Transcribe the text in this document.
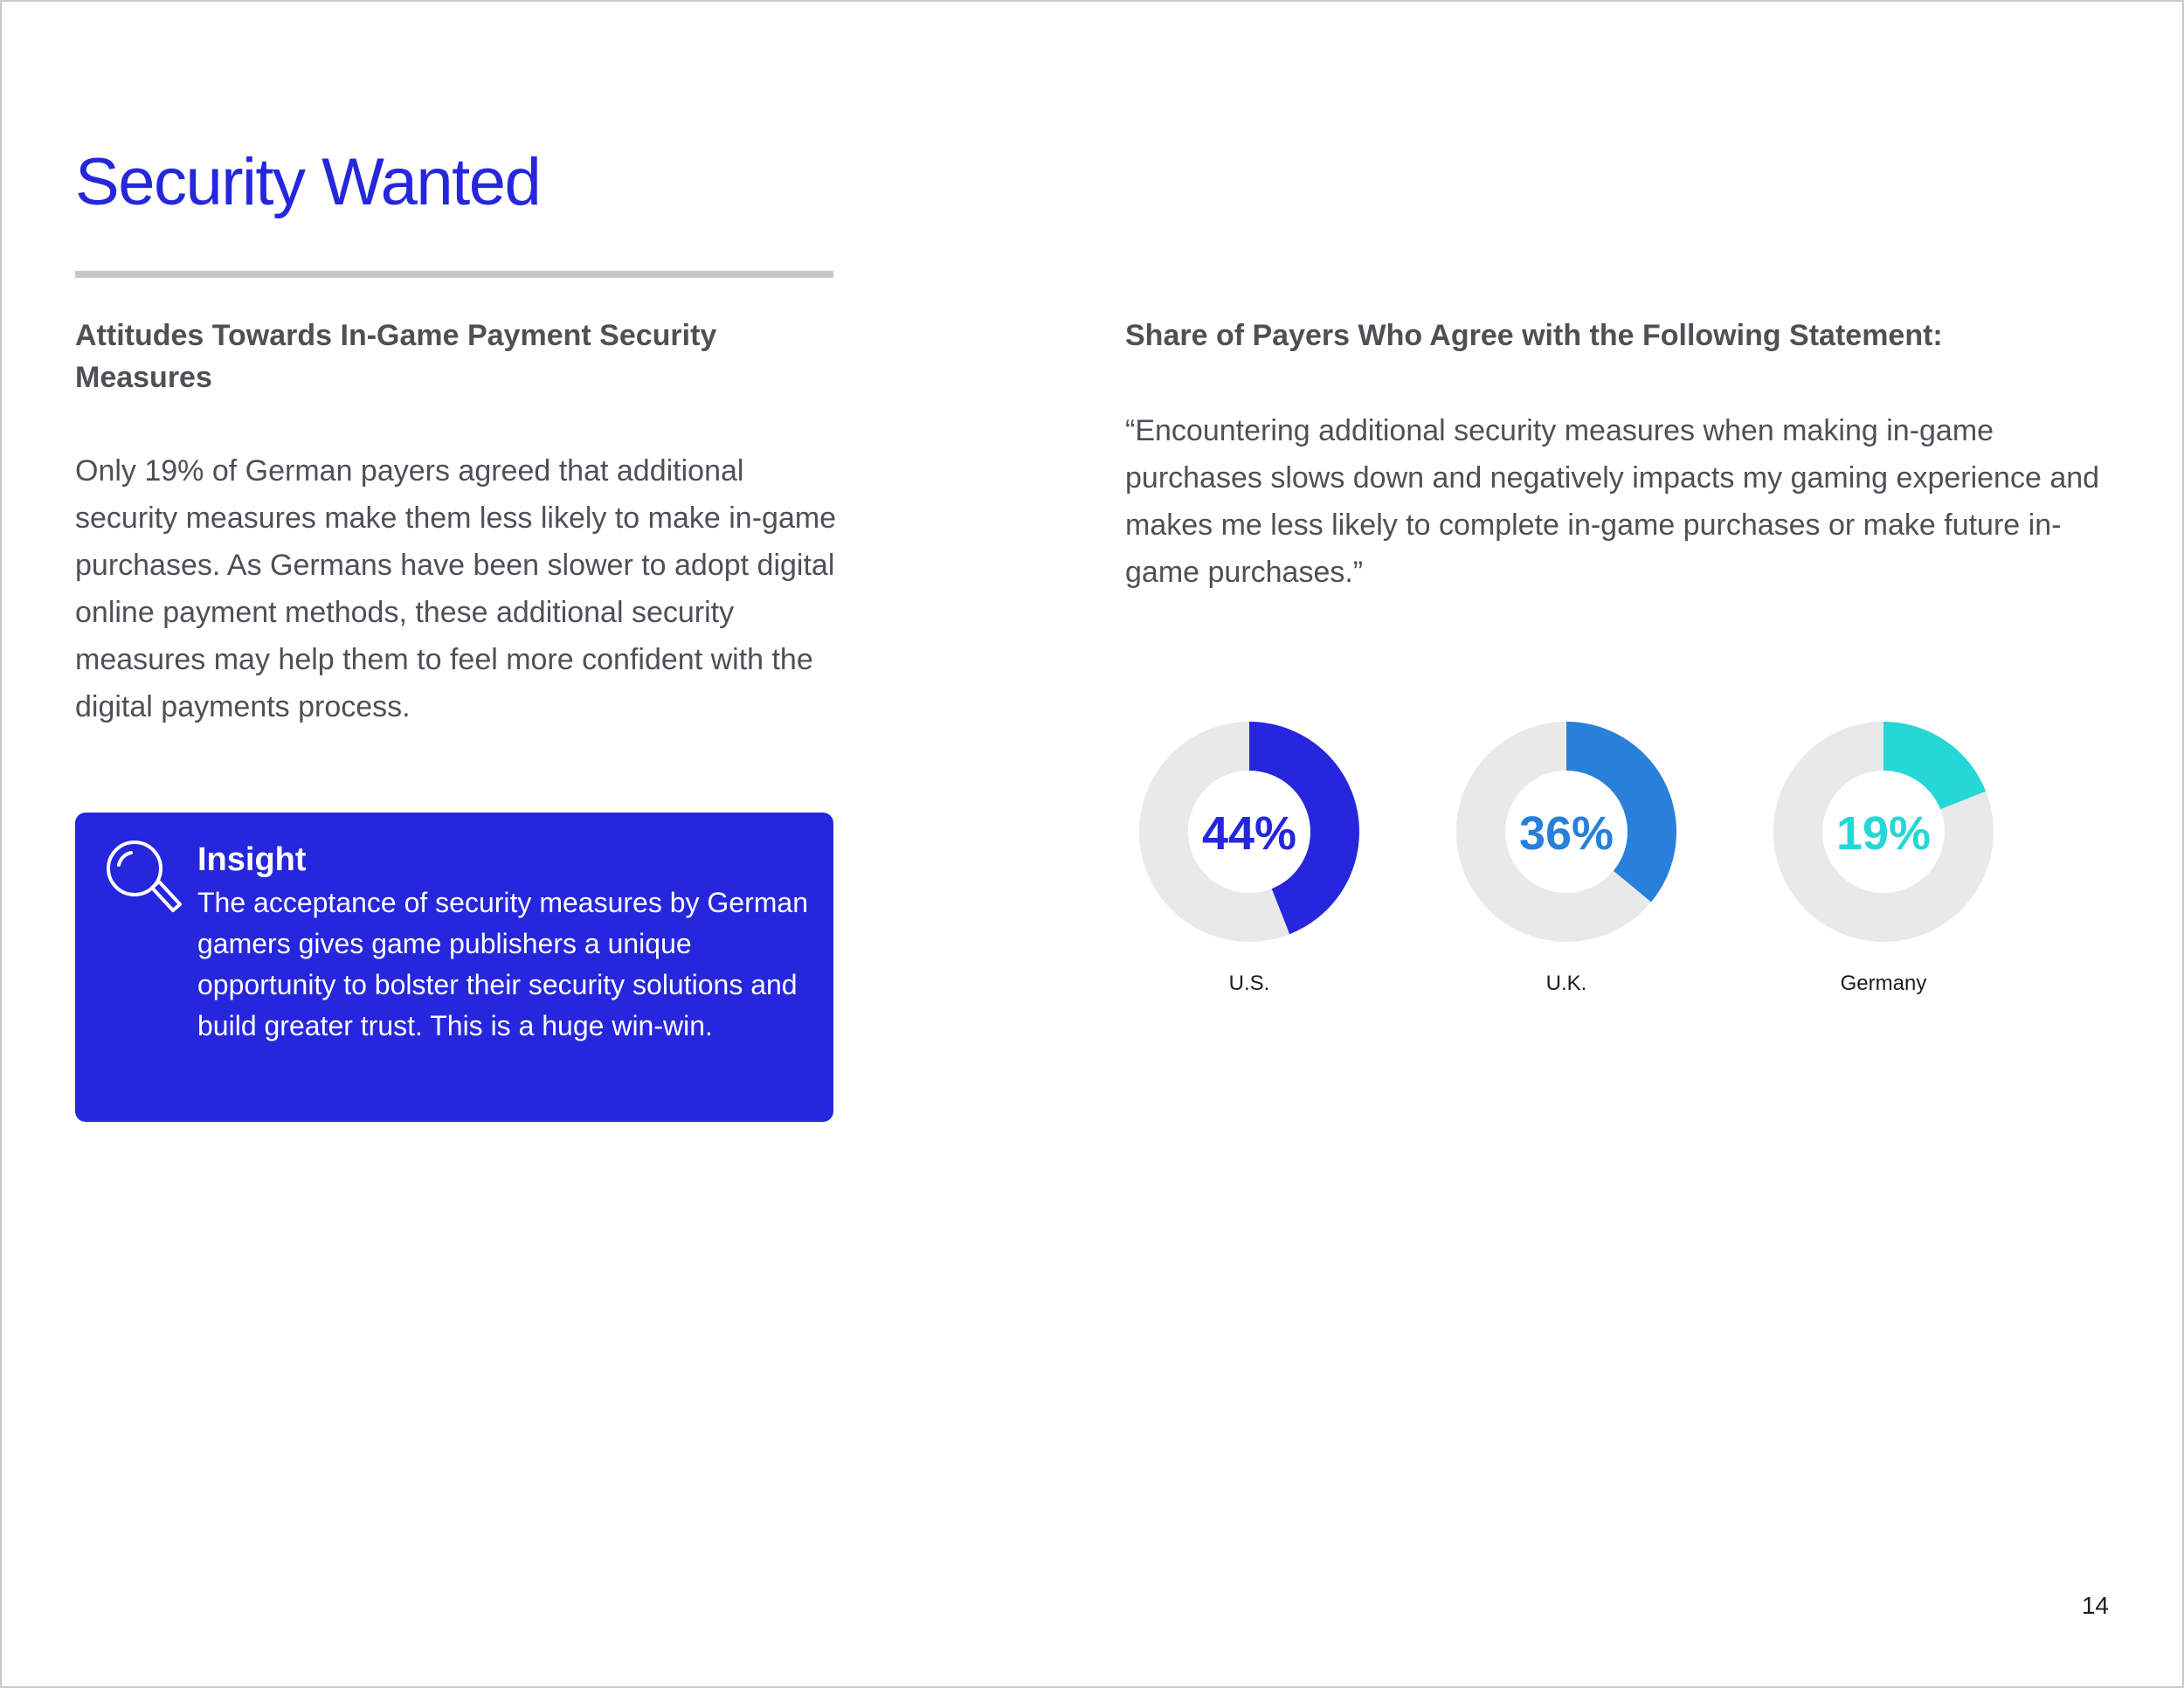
Security Wanted
Attitudes Towards In-Game Payment Security Measures

Only 19% of German payers agreed that additional security measures make them less likely to make in-game purchases. As Germans have been slower to adopt digital online payment methods, these additional security measures may help them to feel more confident with the digital payments process.

Insight

The acceptance of security measures by German gamers gives game publishers a unique opportunity to bolster their security solutions and build greater trust. This is a huge win-win.

Share of Payers Who Agree with the Following Statement:

“Encountering additional security measures when making in-game purchases slows down and negatively impacts my gaming experience and makes me less likely to complete in-game purchases or make future in-game purchases.”

44%
U.S.
36%
U.K.
19%
Germany
14
